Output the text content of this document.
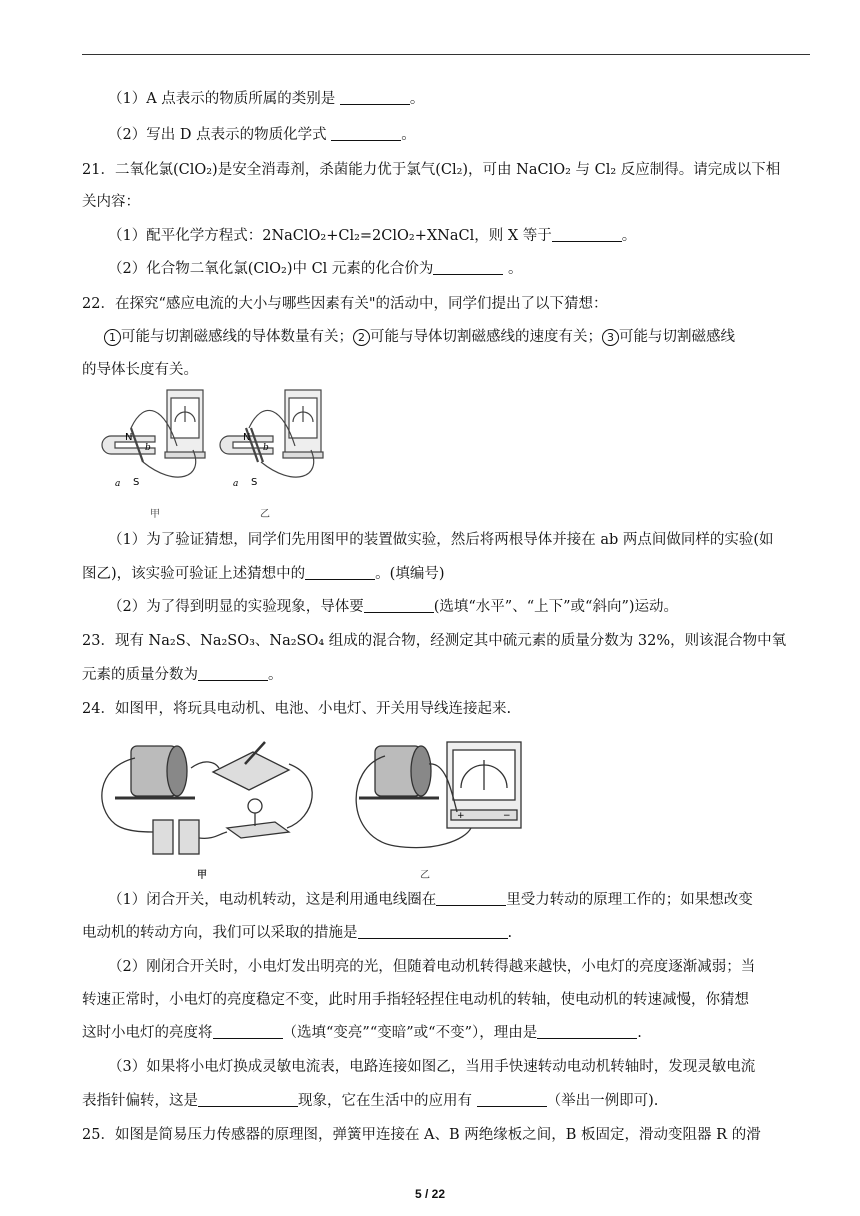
（1）A 点表示的物质所属的类别是	。
（2）写出 D 点表示的物质化学式	。
21．二氧化氯(ClO₂)是安全消毒剂，杀菌能力优于氯气(Cl₂)，可由 NaClO₂ 与 Cl₂ 反应制得。请完成以下相
关内容：
（1）配平化学方程式：2NaClO₂+Cl₂=2ClO₂+XNaCl，则 X 等于	。
（2）化合物二氧化氯(ClO₂)中 Cl 元素的化合价为	。
22．在探究“感应电流的大小与哪些因素有关"的活动中，同学们提出了以下猜想：
1 可能与切割磁感线的导体数量有关； 2 可能与导体切割磁感线的速度有关； 3 可能与切割磁感线
的导体长度有关。
N
b
a S
N
b
a S
甲	乙
（1）为了验证猜想，同学们先用图甲的装置做实验，然后将两根导体并接在 ab 两点间做同样的实验(如
图乙)，该实验可验证上述猜想中的	。(填编号)
（2）为了得到明显的实验现象，导体要	(选填“水平”、“上下”或“斜向”)运动。
23．现有 Na₂S、Na₂SO₃、Na₂SO₄ 组成的混合物，经测定其中硫元素的质量分数为 32%，则该混合物中氧
元素的质量分数为	。
24．如图甲，将玩具电动机、电池、小电灯、开关用导线连接起来.
+	−
甲	乙
（1）闭合开关，电动机转动，这是利用通电线圈在	里受力转动的原理工作的；如果想改变
电动机的转动方向，我们可以采取的措施是	.
（2）刚闭合开关时，小电灯发出明亮的光，但随着电动机转得越来越快，小电灯的亮度逐渐减弱；当
转速正常时，小电灯的亮度稳定不变，此时用手指轻轻捏住电动机的转轴，使电动机的转速减慢，你猜想
这时小电灯的亮度将	（选填“变亮”“变暗”或“不变”），理由是	.
（3）如果将小电灯换成灵敏电流表，电路连接如图乙，当用手快速转动电动机转轴时，发现灵敏电流
表指针偏转，这是	现象，它在生活中的应用有	（举出一例即可).
25．如图是简易压力传感器的原理图，弹簧甲连接在 A、B 两绝缘板之间，B 板固定，滑动变阻器 R 的滑
5 / 22
